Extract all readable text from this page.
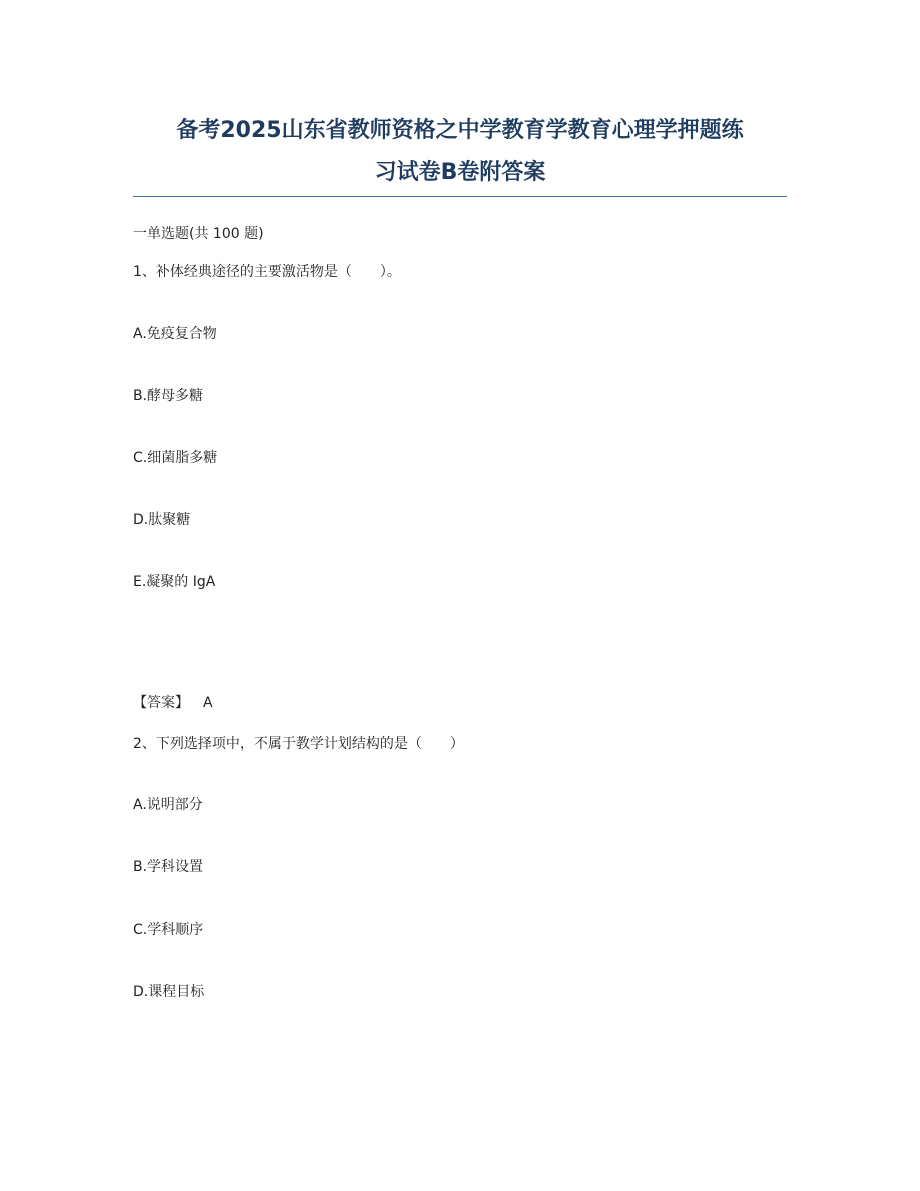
备考2025山东省教师资格之中学教育学教育心理学押题练
习试卷B卷附答案
一单选题(共 100 题)
1、补体经典途径的主要激活物是（　　）。
A.免疫复合物
B.酵母多糖
C.细菌脂多糖
D.肽聚糖
E.凝聚的 IgA
【答案】 A
2、下列选择项中，不属于教学计划结构的是（　　）
A.说明部分
B.学科设置
C.学科顺序
D.课程目标
